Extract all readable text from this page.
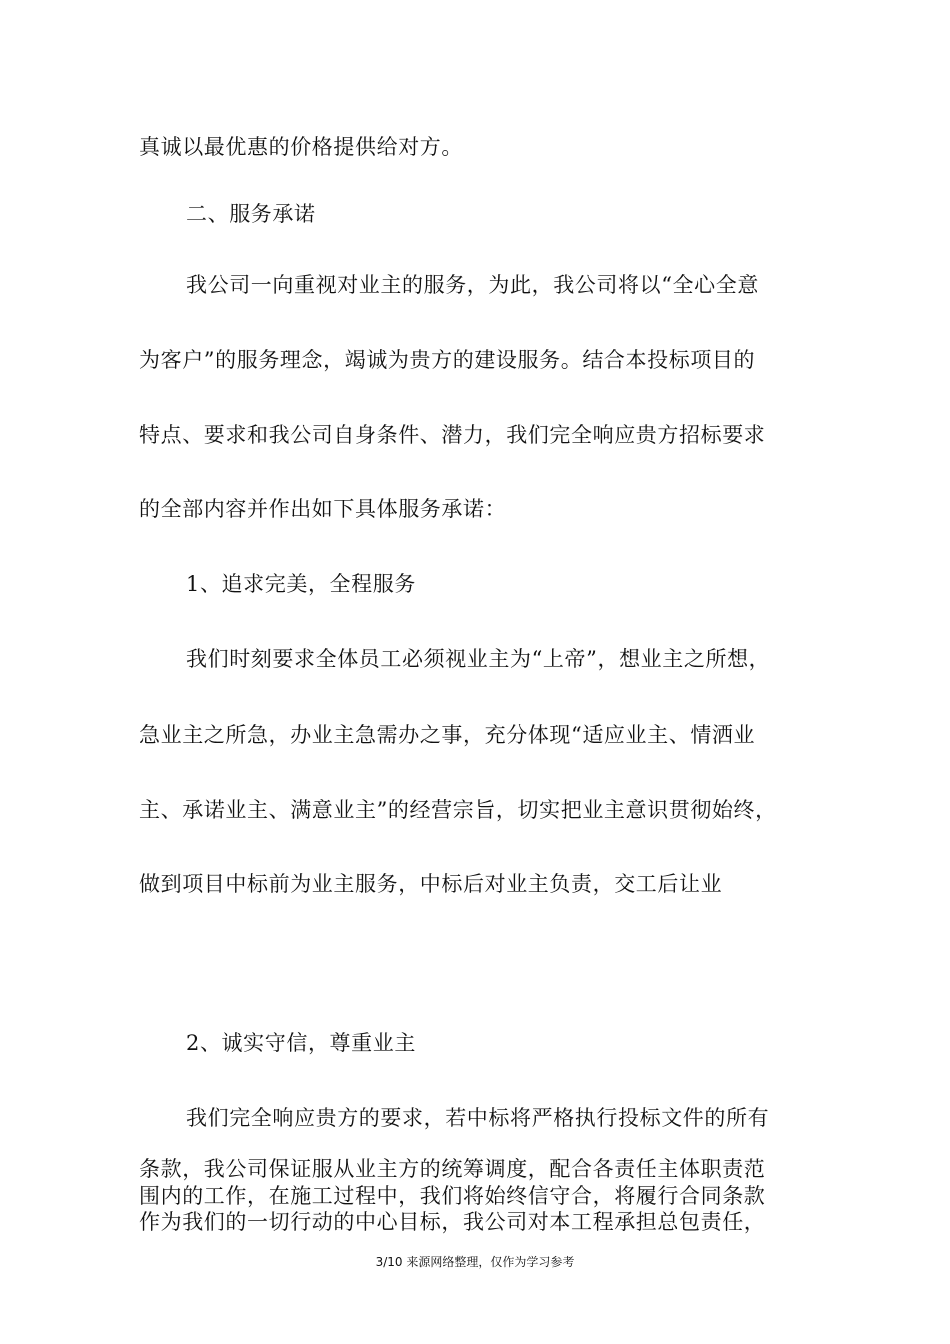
真诚以最优惠的价格提供给对方。
二、服务承诺
我公司一向重视对业主的服务，为此，我公司将以“全心全意
为客户”的服务理念，竭诚为贵方的建设服务。结合本投标项目的
特点、要求和我公司自身条件、潜力，我们完全响应贵方招标要求
的全部内容并作出如下具体服务承诺：
1、追求完美，全程服务
我们时刻要求全体员工必须视业主为“上帝”，想业主之所想，
急业主之所急，办业主急需办之事，充分体现“适应业主、情洒业
主、承诺业主、满意业主”的经营宗旨，切实把业主意识贯彻始终，
做到项目中标前为业主服务，中标后对业主负责，交工后让业
2、诚实守信，尊重业主
我们完全响应贵方的要求，若中标将严格执行投标文件的所有
条款，我公司保证服从业主方的统筹调度，配合各责任主体职责范
围内的工作，在施工过程中，我们将始终信守合，将履行合同条款
作为我们的一切行动的中心目标，我公司对本工程承担总包责任，
3/10 来源网络整理，仅作为学习参考
